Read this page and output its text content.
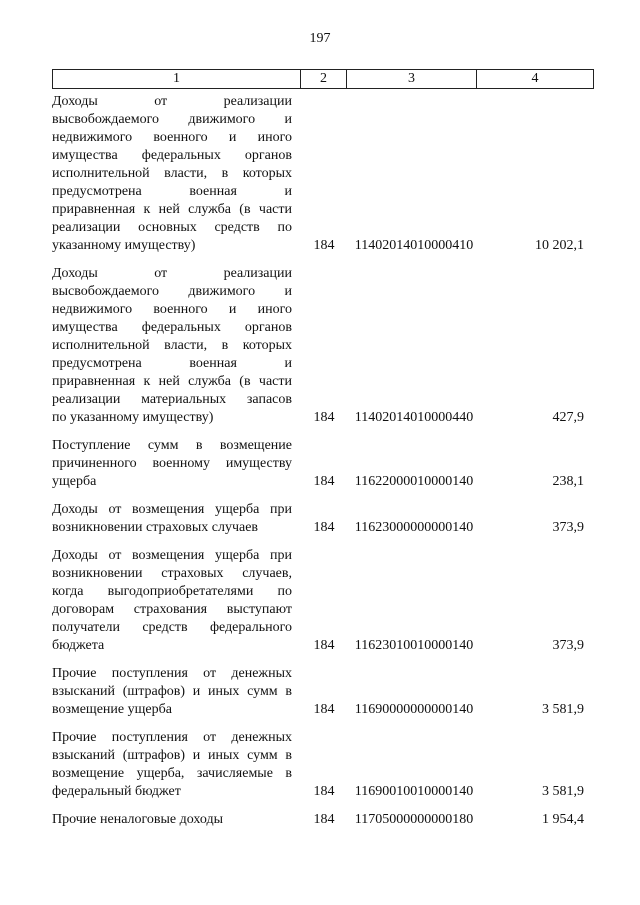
197
1	2	3	4
Доходы от реализации
высвобождаемого движимого и
недвижимого военного и иного
имущества федеральных органов
исполнительной власти, в которых
предусмотрена военная и
приравненная к ней служба (в части
реализации основных средств по
указанному имуществу)	184	11402014010000410	10 202,1
Доходы от реализации
высвобождаемого движимого и
недвижимого военного и иного
имущества федеральных органов
исполнительной власти, в которых
предусмотрена военная и
приравненная к ней служба (в части
реализации материальных запасов
по указанному имуществу)	184	11402014010000440	427,9
Поступление сумм в возмещение
причиненного военному имуществу
ущерба	184	11622000010000140	238,1
Доходы от возмещения ущерба при
возникновении страховых случаев	184	11623000000000140	373,9
Доходы от возмещения ущерба при
возникновении страховых случаев,
когда выгодоприобретателями по
договорам страхования выступают
получатели средств федерального
бюджета	184	11623010010000140	373,9
Прочие поступления от денежных
взысканий (штрафов) и иных сумм в
возмещение ущерба	184	11690000000000140	3 581,9
Прочие поступления от денежных
взысканий (штрафов) и иных сумм в
возмещение ущерба, зачисляемые в
федеральный бюджет	184	11690010010000140	3 581,9
Прочие неналоговые доходы	184	11705000000000180	1 954,4
